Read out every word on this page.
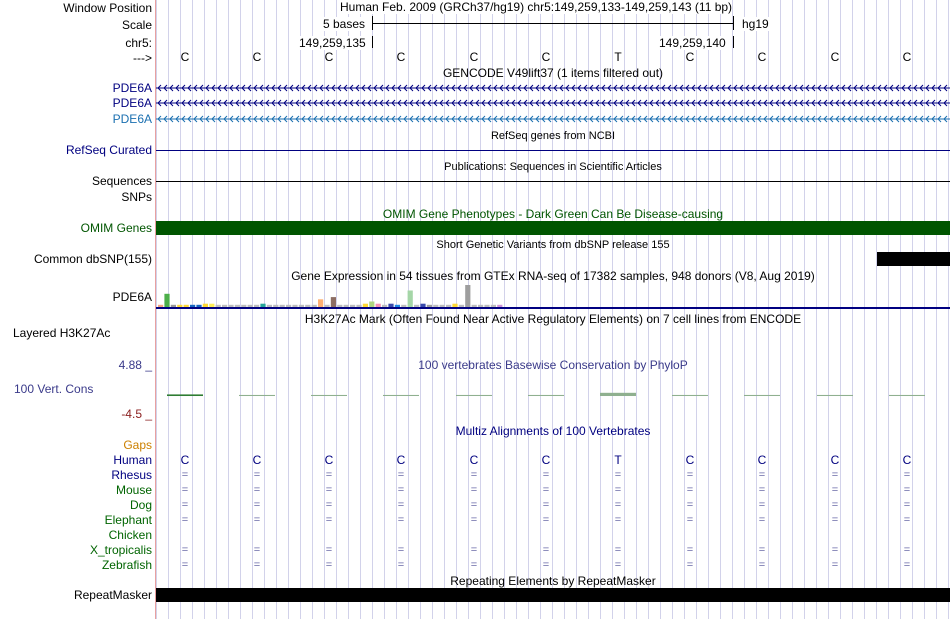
Window Position
Scale
chr5:
--->
Human Feb. 2009 (GRCh37/hg19) chr5:149,259,133-149,259,143 (11 bp)
5 bases	hg19
149,259,135	149,259,140
C	C	C	C	C	C	T	C	C	C	C
GENCODE V49lift37 (1 items filtered out)
PDE6A
PDE6A
PDE6A
RefSeq genes from NCBI
RefSeq Curated
Publications: Sequences in Scientific Articles
Sequences
SNPs
OMIM Gene Phenotypes - Dark Green Can Be Disease-causing
OMIM Genes
Short Genetic Variants from dbSNP release 155
Common dbSNP(155)
Gene Expression in 54 tissues from GTEx RNA-seq of 17382 samples, 948 donors (V8, Aug 2019)
PDE6A
H3K27Ac Mark (Often Found Near Active Regulatory Elements) on 7 cell lines from ENCODE
Layered H3K27Ac
100 vertebrates Basewise Conservation by PhyloP
4.88 _
100 Vert. Cons
-4.5 _
Gaps
Multiz Alignments of 100 Vertebrates
Human C	C	C	C	C	C	T	C	C	C	C
Rhesus	=	=	=	=	=	=	=	=	=	=	=
Mouse	=	=	=	=	=	=	=	=	=	=	=
Dog	=	=	=	=	=	=	=	=	=	=	=
Elephant	=	=	=	=	=	=	=	=	=	=	=
Chicken
X_tropicalis	=	=	=	=	=	=	=	=	=	=	=
Zebrafish	=	=	=	=	=	=	=	=	=	=	=
Repeating Elements by RepeatMasker
RepeatMasker
